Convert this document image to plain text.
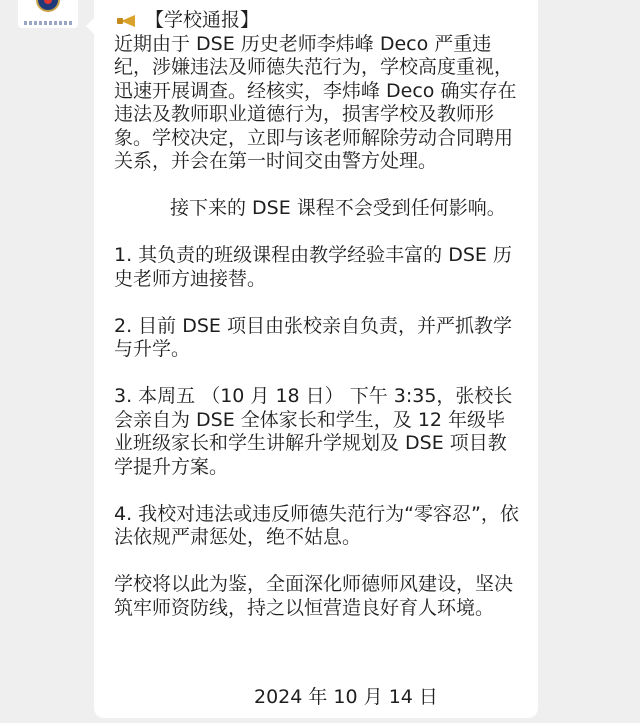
【学校通报】

近期由于 DSE 历史老师李炜峰 Deco 严重违纪，涉嫌违法及师德失范行为，学校高度重视，迅速开展调查。经核实，李炜峰 Deco 确实存在违法及教师职业道德行为，损害学校及教师形象。学校决定，立即与该老师解除劳动合同聘用关系，并会在第一时间交由警方处理。

接下来的 DSE 课程不会受到任何影响。

1. 其负责的班级课程由教学经验丰富的 DSE 历史老师方迪接替。

2. 目前 DSE 项目由张校亲自负责，并严抓教学与升学。

3. 本周五 （10 月 18 日） 下午 3:35，张校长会亲自为 DSE 全体家长和学生，及 12 年级毕业班级家长和学生讲解升学规划及 DSE 项目教学提升方案。

4. 我校对违法或违反师德失范行为“零容忍”，依法依规严肃惩处，绝不姑息。

学校将以此为鉴，全面深化师德师风建设，坚决筑牢师资防线，持之以恒营造良好育人环境。

2024 年 10 月 14 日
